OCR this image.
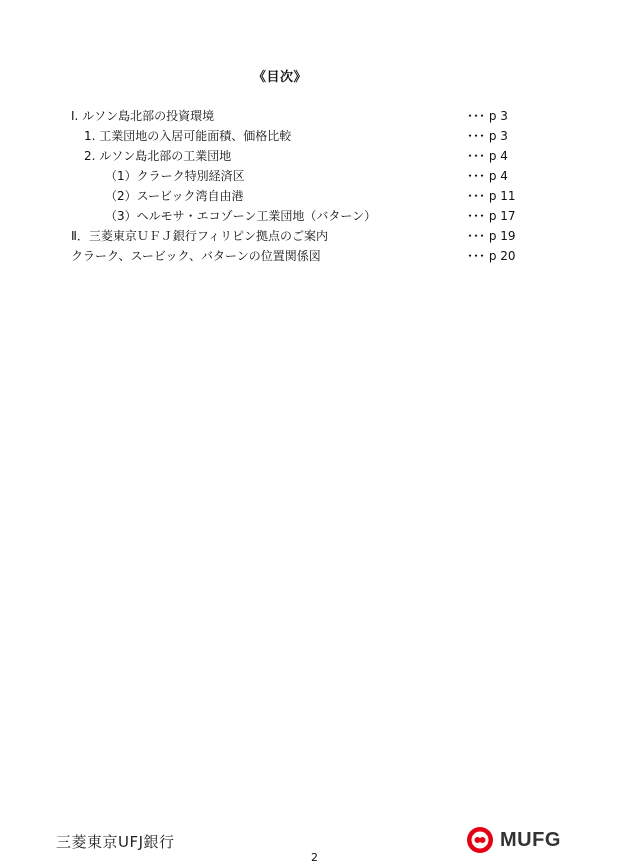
《目次》
I. ルソン島北部の投資環境	･･･ p 3
1. 工業団地の入居可能面積、価格比較	･･･ p 3
2. ルソン島北部の工業団地	･･･ p 4
（1）クラーク特別経済区	･･･ p 4
（2）スービック湾自由港	･･･ p 11
（3）ヘルモサ・エコゾーン工業団地（バターン）	･･･ p 17
Ⅱ．三菱東京ＵＦＪ銀行フィリピン拠点のご案内	･･･ p 19
クラーク、スービック、バターンの位置関係図	･･･ p 20
三菱東京UFJ銀行	MUFG
2
